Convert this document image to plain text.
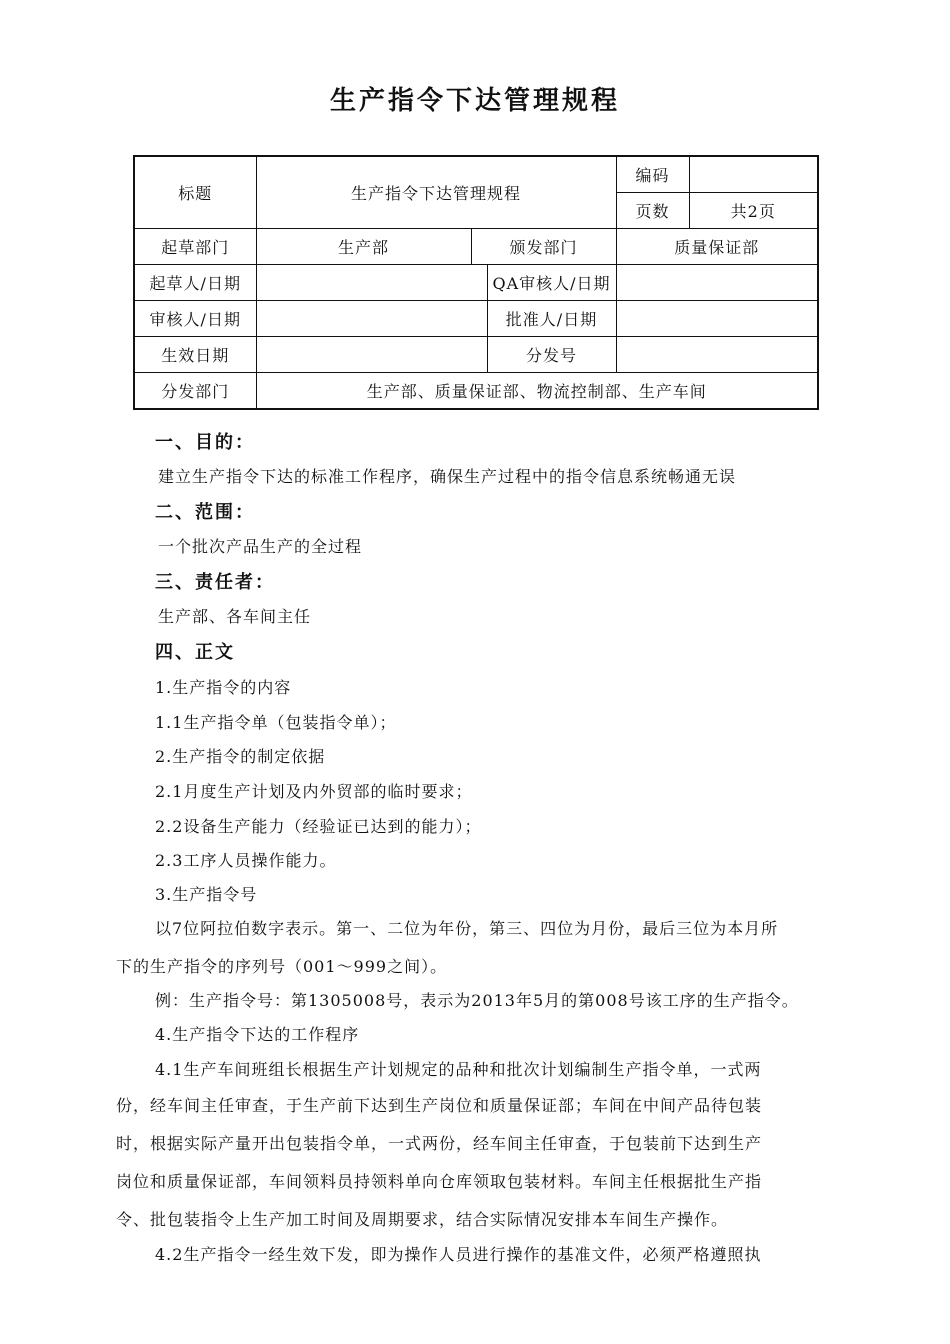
生产指令下达管理规程
标题	生产指令下达管理规程			编码	
				页数	共2页
起草部门	生产部	颁发部门		质量保证部	
起草人/日期			QA审核人/日期		
审核人/日期			批准人/日期		
生效日期			分发号		
分发部门	生产部、质量保证部、物流控制部、生产车间				
一、目的：
建立生产指令下达的标准工作程序，确保生产过程中的指令信息系统畅通无误
二、范围：
一个批次产品生产的全过程
三、责任者：
生产部、各车间主任
四、正文
1.生产指令的内容
1.1生产指令单（包装指令单）；
2.生产指令的制定依据
2.1月度生产计划及内外贸部的临时要求；
2.2设备生产能力（经验证已达到的能力）；
2.3工序人员操作能力。
3.生产指令号
以7位阿拉伯数字表示。第一、二位为年份，第三、四位为月份，最后三位为本月所
下的生产指令的序列号（001～999之间）。
例：生产指令号：第1305008号，表示为2013年5月的第008号该工序的生产指令。
4.生产指令下达的工作程序
4.1生产车间班组长根据生产计划规定的品种和批次计划编制生产指令单，一式两
份，经车间主任审查，于生产前下达到生产岗位和质量保证部；车间在中间产品待包装
时，根据实际产量开出包装指令单，一式两份，经车间主任审查，于包装前下达到生产
岗位和质量保证部，车间领料员持领料单向仓库领取包装材料。车间主任根据批生产指
令、批包装指令上生产加工时间及周期要求，结合实际情况安排本车间生产操作。
4.2生产指令一经生效下发，即为操作人员进行操作的基准文件，必须严格遵照执
